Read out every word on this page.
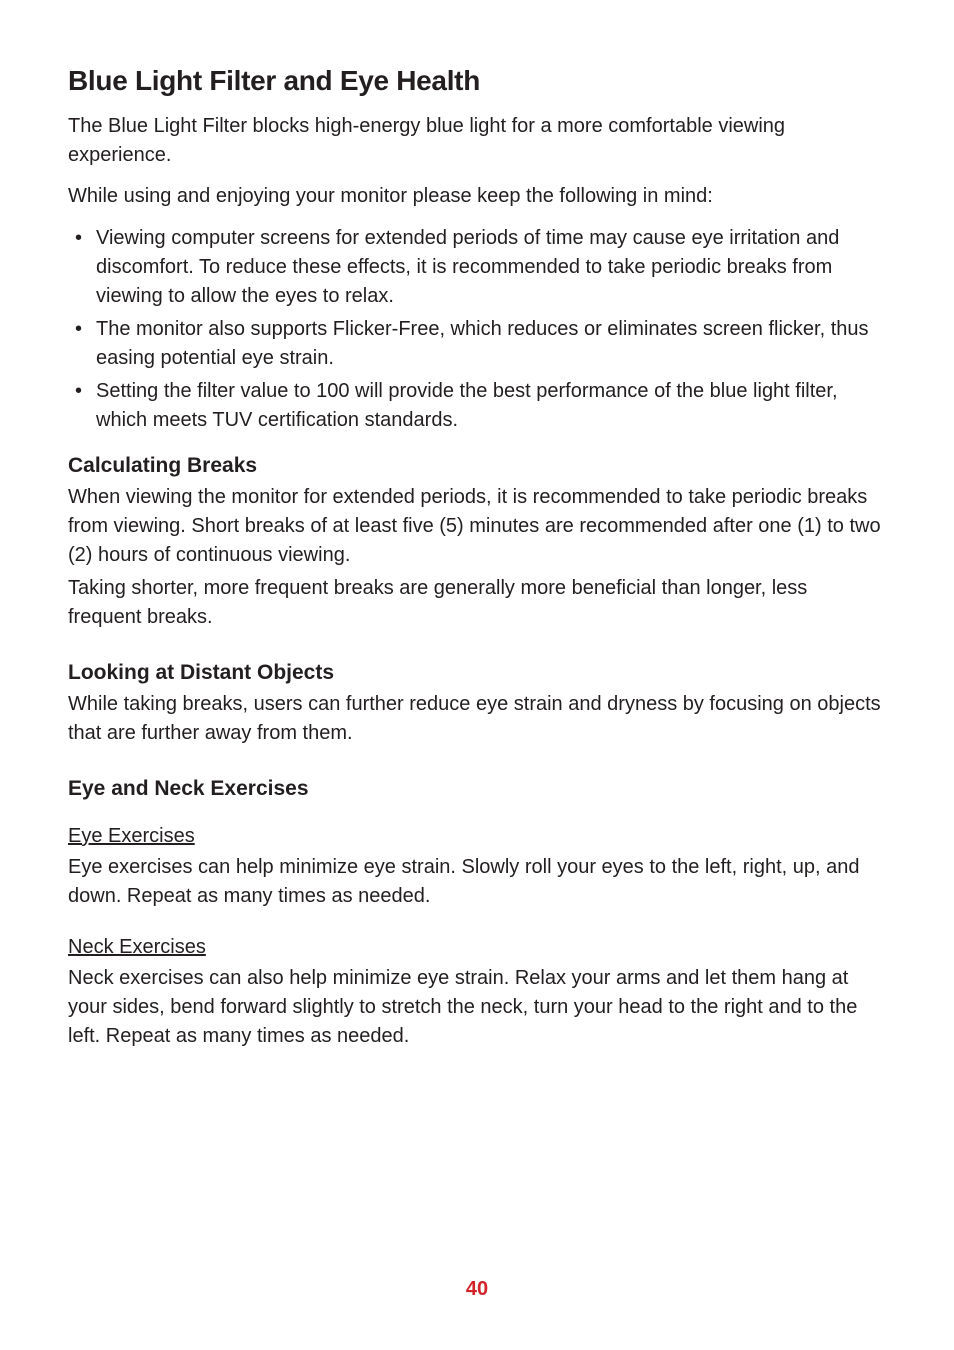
Blue Light Filter and Eye Health

The Blue Light Filter blocks high-energy blue light for a more comfortable viewing experience.

While using and enjoying your monitor please keep the following in mind:

• Viewing computer screens for extended periods of time may cause eye irritation and discomfort. To reduce these effects, it is recommended to take periodic breaks from viewing to allow the eyes to relax.
• The monitor also supports Flicker-Free, which reduces or eliminates screen flicker, thus easing potential eye strain.
• Setting the filter value to 100 will provide the best performance of the blue light filter, which meets TUV certification standards.
Calculating Breaks

When viewing the monitor for extended periods, it is recommended to take periodic breaks from viewing. Short breaks of at least five (5) minutes are recommended after one (1) to two (2) hours of continuous viewing.

Taking shorter, more frequent breaks are generally more beneficial than longer, less frequent breaks.

Looking at Distant Objects

While taking breaks, users can further reduce eye strain and dryness by focusing on objects that are further away from them.

Eye and Neck Exercises
Eye Exercises

Eye exercises can help minimize eye strain. Slowly roll your eyes to the left, right, up, and down. Repeat as many times as needed.

Neck Exercises

Neck exercises can also help minimize eye strain. Relax your arms and let them hang at your sides, bend forward slightly to stretch the neck, turn your head to the right and to the left. Repeat as many times as needed.

40
